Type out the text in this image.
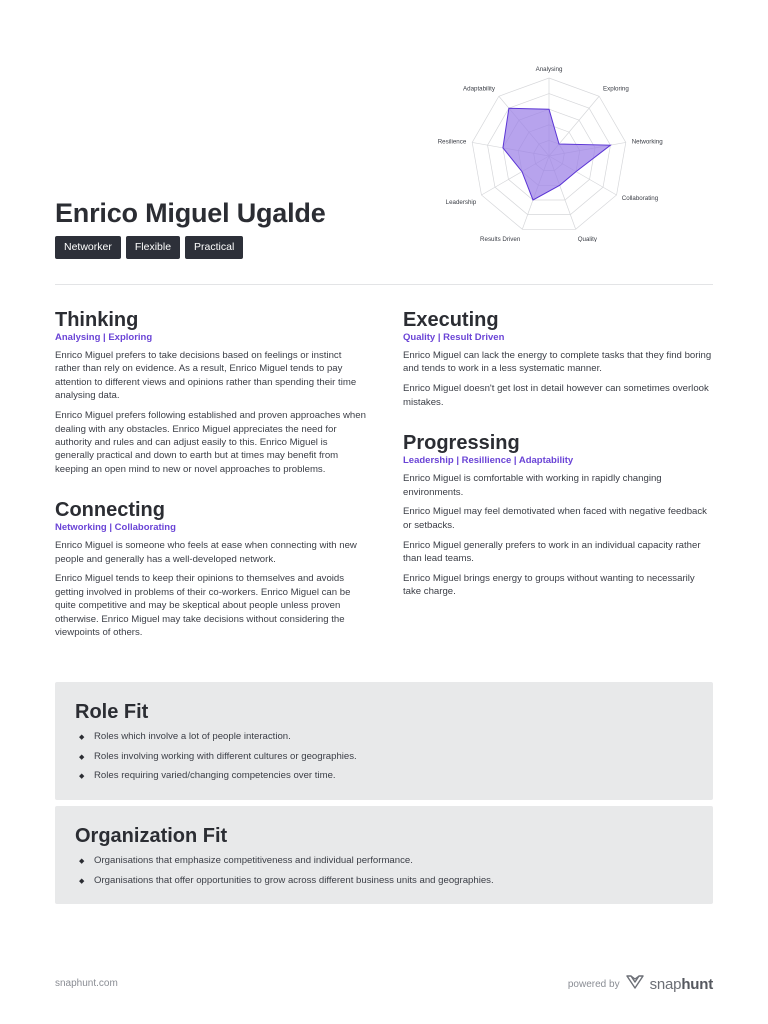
Analysing
Exploring
Networking
Collaborating
Quality
Results Driven
Leadership
Resilience
Adaptability
Enrico Miguel Ugalde
Networker	Flexible	Practical
Thinking
Analysing | Exploring

Enrico Miguel prefers to take decisions based on feelings or instinct rather than rely on evidence. As a result, Enrico Miguel tends to pay attention to different views and opinions rather than spending their time analysing data.

Enrico Miguel prefers following established and proven approaches when dealing with any obstacles. Enrico Miguel appreciates the need for authority and rules and can adjust easily to this. Enrico Miguel is generally practical and down to earth but at times may benefit from keeping an open mind to new or novel approaches to problems.

Connecting
Networking | Collaborating

Enrico Miguel is someone who feels at ease when connecting with new people and generally has a well-developed network.

Enrico Miguel tends to keep their opinions to themselves and avoids getting involved in problems of their co-workers. Enrico Miguel can be quite competitive and may be skeptical about people unless proven otherwise. Enrico Miguel may take decisions without considering the viewpoints of others.

Executing
Quality | Result Driven

Enrico Miguel can lack the energy to complete tasks that they find boring and tends to work in a less systematic manner.

Enrico Miguel doesn't get lost in detail however can sometimes overlook mistakes.

Progressing
Leadership | Resillience | Adaptability

Enrico Miguel is comfortable with working in rapidly changing environments.

Enrico Miguel may feel demotivated when faced with negative feedback or setbacks.

Enrico Miguel generally prefers to work in an individual capacity rather than lead teams.

Enrico Miguel brings energy to groups without wanting to necessarily take charge.

Role Fit
◆ Roles which involve a lot of people interaction.
◆ Roles involving working with different cultures or geographies.
◆ Roles requiring varied/changing competencies over time.
Organization Fit
◆ Organisations that emphasize competitiveness and individual performance.
◆ Organisations that offer opportunities to grow across different business units and geographies.
snaphunt.com	powered by snaphunt
